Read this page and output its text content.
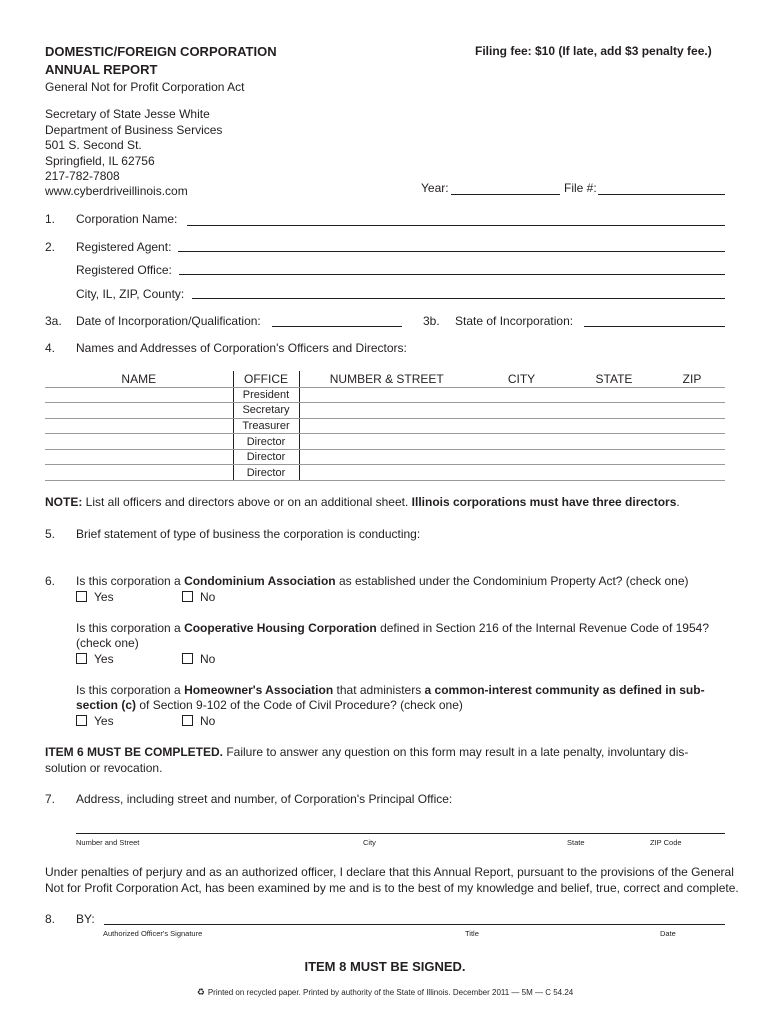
DOMESTIC/FOREIGN CORPORATION
ANNUAL REPORT
General Not for Profit Corporation Act
Filing fee: $10 (If late, add $3 penalty fee.)
Secretary of State Jesse White
Department of Business Services
501 S. Second St.
Springfield, IL 62756
217-782-7808
www.cyberdriveillinois.com	Year:	File #:
1. Corporation Name:
2. Registered Agent:
Registered Office:
City, IL, ZIP, County:
3a. Date of Incorporation/Qualification:	3b. State of Incorporation:
4. Names and Addresses of Corporation's Officers and Directors:
NAME	OFFICE	NUMBER & STREET	CITY	STATE	ZIP
	President				
	Secretary				
	Treasurer				
	Director				
	Director				
	Director				
NOTE: List all officers and directors above or on an additional sheet. Illinois corporations must have three directors.
5. Brief statement of type of business the corporation is conducting:
6. Is this corporation a Condominium Association as established under the Condominium Property Act? (check one)
Yes	No
Is this corporation a Cooperative Housing Corporation defined in Section 216 of the Internal Revenue Code of 1954?
(check one)
Yes	No
Is this corporation a Homeowner's Association that administers a common-interest community as defined in sub-
section (c) of Section 9-102 of the Code of Civil Procedure? (check one)
Yes	No
ITEM 6 MUST BE COMPLETED. Failure to answer any question on this form may result in a late penalty, involuntary dis-
solution or revocation.
7. Address, including street and number, of Corporation's Principal Office:
Number and Street	City	State	ZIP Code
Under penalties of perjury and as an authorized officer, I declare that this Annual Report, pursuant to the provisions of the General
Not for Profit Corporation Act, has been examined by me and is to the best of my knowledge and belief, true, correct and complete.
8. BY:
Authorized Officer's Signature	Title	Date
ITEM 8 MUST BE SIGNED.
♻ Printed on recycled paper. Printed by authority of the State of Illinois. December 2011 — 5M — C 54.24
